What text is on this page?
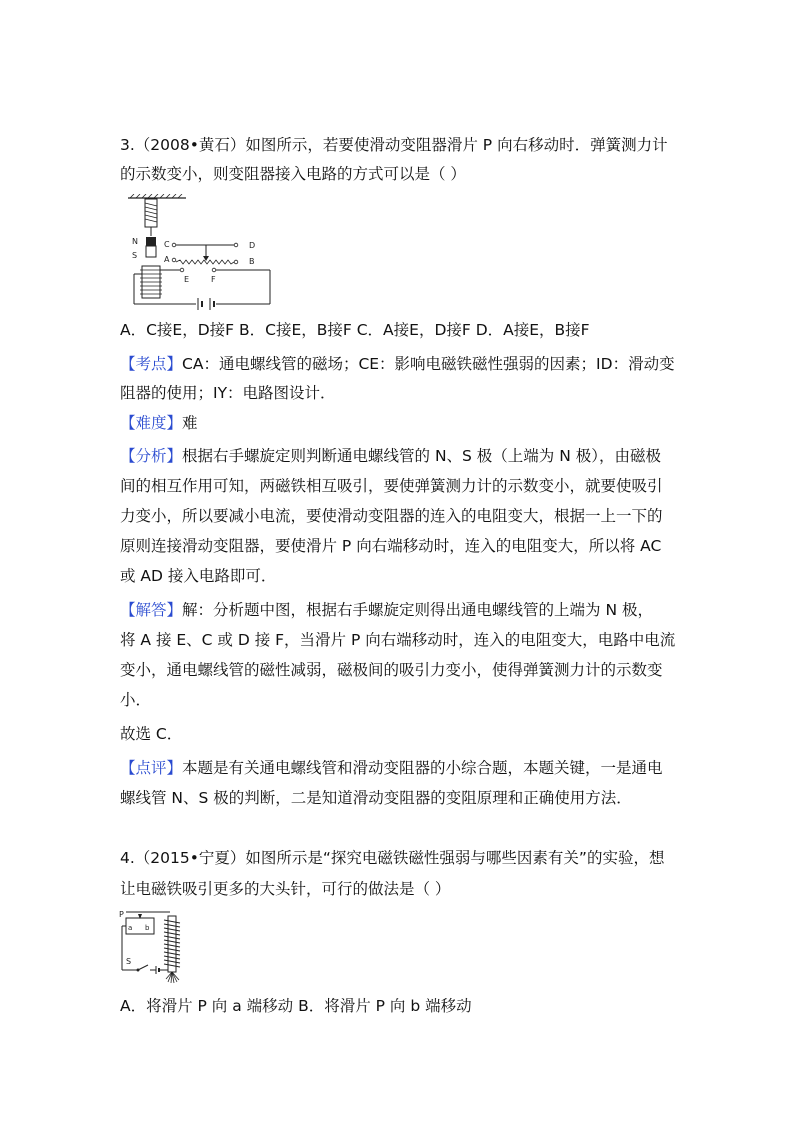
3.（2008•黄石）如图所示，若要使滑动变阻器滑片 P 向右移动时．弹簧测力计
的示数变小，则变阻器接入电路的方式可以是（ ）
N
S
C	D
A	B
E	F
A．C接E，D接F B．C接E，B接F C．A接E，D接F D．A接E，B接F
【考点】CA：通电螺线管的磁场；CE：影响电磁铁磁性强弱的因素；ID：滑动变
阻器的使用；IY：电路图设计．
【难度】难
【分析】根据右手螺旋定则判断通电螺线管的 N、S 极（上端为 N 极），由磁极
间的相互作用可知，两磁铁相互吸引，要使弹簧测力计的示数变小，就要使吸引
力变小，所以要减小电流，要使滑动变阻器的连入的电阻变大，根据一上一下的
原则连接滑动变阻器，要使滑片 P 向右端移动时，连入的电阻变大，所以将 AC
或 AD 接入电路即可．
【解答】解：分析题中图，根据右手螺旋定则得出通电螺线管的上端为 N 极，
将 A 接 E、C 或 D 接 F，当滑片 P 向右端移动时，连入的电阻变大，电路中电流
变小，通电螺线管的磁性减弱，磁极间的吸引力变小，使得弹簧测力计的示数变
小．
故选 C．
【点评】本题是有关通电螺线管和滑动变阻器的小综合题，本题关键，一是通电
螺线管 N、S 极的判断，二是知道滑动变阻器的变阻原理和正确使用方法．
4.（2015•宁夏）如图所示是“探究电磁铁磁性强弱与哪些因素有关”的实验，想
让电磁铁吸引更多的大头针，可行的做法是（ ）
P
a b
S
A．将滑片 P 向 a 端移动 B．将滑片 P 向 b 端移动
